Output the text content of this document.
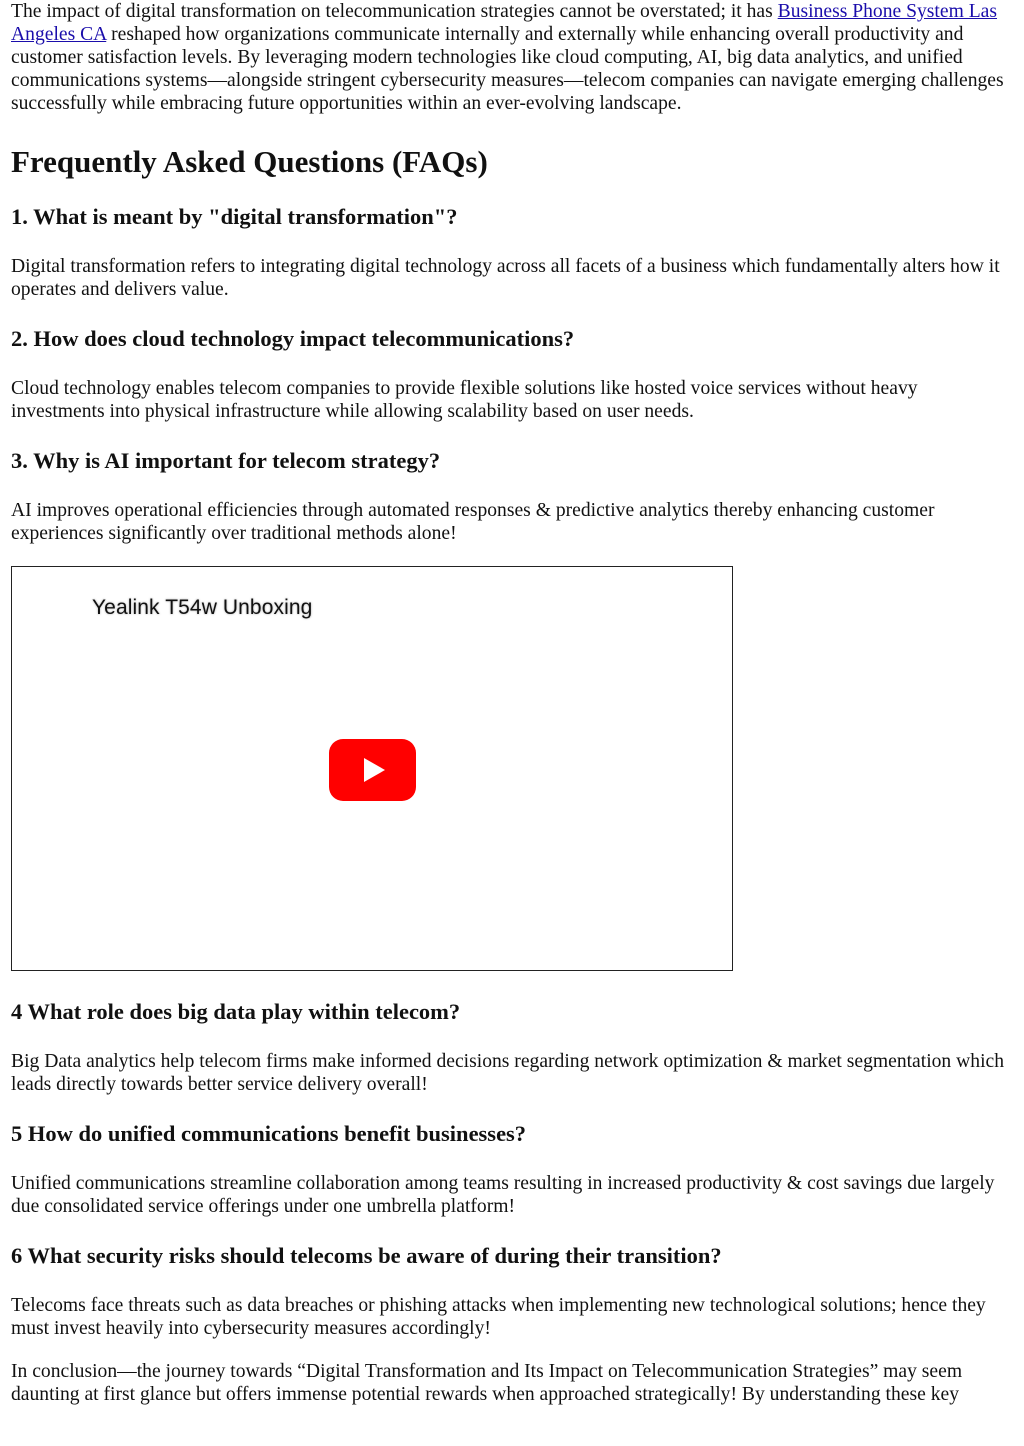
The impact of digital transformation on telecommunication strategies cannot be overstated; it has Business Phone System Las Angeles CA reshaped how organizations communicate internally and externally while enhancing overall productivity and customer satisfaction levels. By leveraging modern technologies like cloud computing, AI, big data analytics, and unified communications systems—alongside stringent cybersecurity measures—telecom companies can navigate emerging challenges successfully while embracing future opportunities within an ever-evolving landscape.

Frequently Asked Questions (FAQs)
1. What is meant by "digital transformation"?

Digital transformation refers to integrating digital technology across all facets of a business which fundamentally alters how it operates and delivers value.

2. How does cloud technology impact telecommunications?

Cloud technology enables telecom companies to provide flexible solutions like hosted voice services without heavy investments into physical infrastructure while allowing scalability based on user needs.

3. Why is AI important for telecom strategy?

AI improves operational efficiencies through automated responses & predictive analytics thereby enhancing customer experiences significantly over traditional methods alone!

Yealink T54w Unboxing
4 What role does big data play within telecom?

Big Data analytics help telecom firms make informed decisions regarding network optimization & market segmentation which leads directly towards better service delivery overall!

5 How do unified communications benefit businesses?

Unified communications streamline collaboration among teams resulting in increased productivity & cost savings due largely due consolidated service offerings under one umbrella platform!

6 What security risks should telecoms be aware of during their transition?

Telecoms face threats such as data breaches or phishing attacks when implementing new technological solutions; hence they must invest heavily into cybersecurity measures accordingly!

In conclusion—the journey towards “Digital Transformation and Its Impact on Telecommunication Strategies” may seem daunting at first glance but offers immense potential rewards when approached strategically! By understanding these key
